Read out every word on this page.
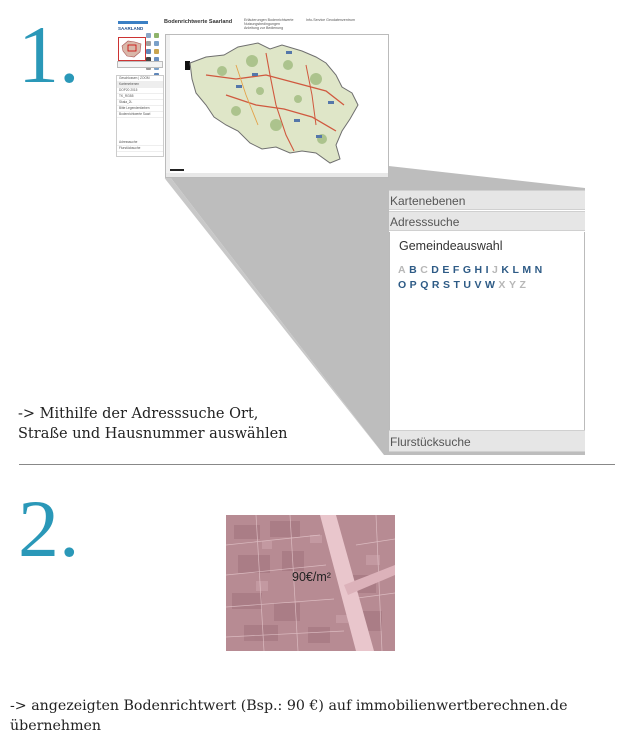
1.
2.
SAARLAND
Bodenrichtwerte Saarland	Erläuterungen Bodenrichtwerte
Nutzungsbedingungen
Anleitung zur Bedienung
Info-Service Geodatenzentrum
Geschlossen | ZOOM
Kartenebenen
DOP20 2015
TK_RGB5
Skala_2L
Bitte Legendenfarben
Bodenrichtwerte Saarl
Adresssuche
Flurstücksuche
Kartenebenen
Adresssuche
Gemeindeauswahl
A B C D E F G H I J K L M N
O P Q R S T U V W X Y Z
Flurstücksuche
-> Mithilfe der Adresssuche Ort,
Straße und Hausnummer auswählen
90€/m²
-> angezeigten Bodenrichtwert (Bsp.: 90 €) auf immobilienwertberechnen.de
übernehmen
